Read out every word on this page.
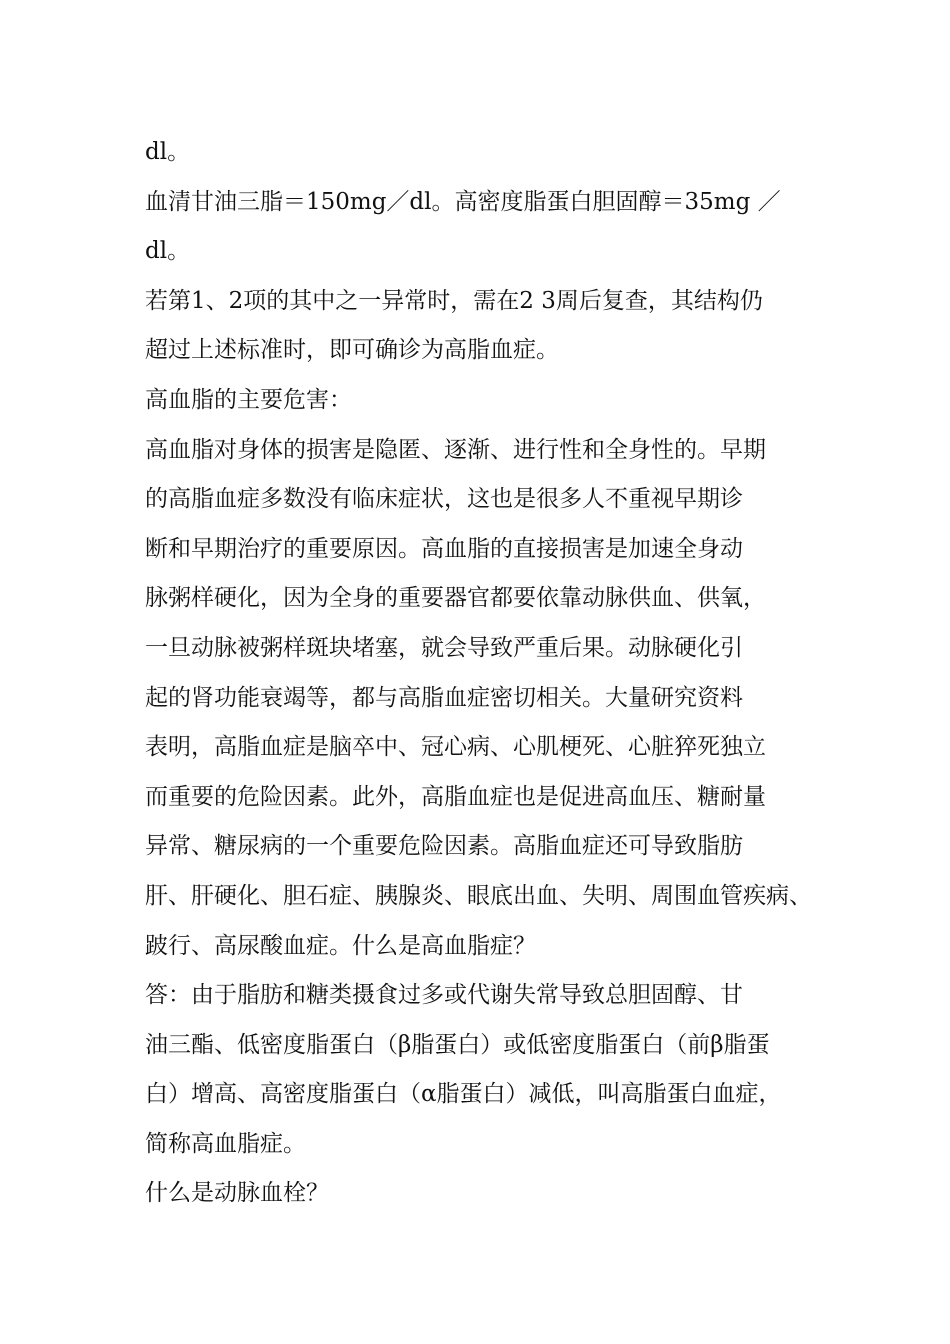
dl。
血清甘油三脂＝150mg／dl。高密度脂蛋白胆固醇＝35mg ／
dl。
若第1、2项的其中之一异常时，需在2 3周后复查，其结构仍
超过上述标准时，即可确诊为高脂血症。
高血脂的主要危害：
高血脂对身体的损害是隐匿、逐渐、进行性和全身性的。早期
的高脂血症多数没有临床症状，这也是很多人不重视早期诊
断和早期治疗的重要原因。高血脂的直接损害是加速全身动
脉粥样硬化，因为全身的重要器官都要依靠动脉供血、供氧，
一旦动脉被粥样斑块堵塞，就会导致严重后果。动脉硬化引
起的肾功能衰竭等，都与高脂血症密切相关。大量研究资料
表明，高脂血症是脑卒中、冠心病、心肌梗死、心脏猝死独立
而重要的危险因素。此外，高脂血症也是促进高血压、糖耐量
异常、糖尿病的一个重要危险因素。高脂血症还可导致脂肪
肝、肝硬化、胆石症、胰腺炎、眼底出血、失明、周围血管疾病、
跛行、高尿酸血症。什么是高血脂症？
答：由于脂肪和糖类摄食过多或代谢失常导致总胆固醇、甘
油三酯、低密度脂蛋白（β脂蛋白）或低密度脂蛋白（前β脂蛋
白）增高、高密度脂蛋白（α脂蛋白）减低，叫高脂蛋白血症，
简称高血脂症。
什么是动脉血栓？
